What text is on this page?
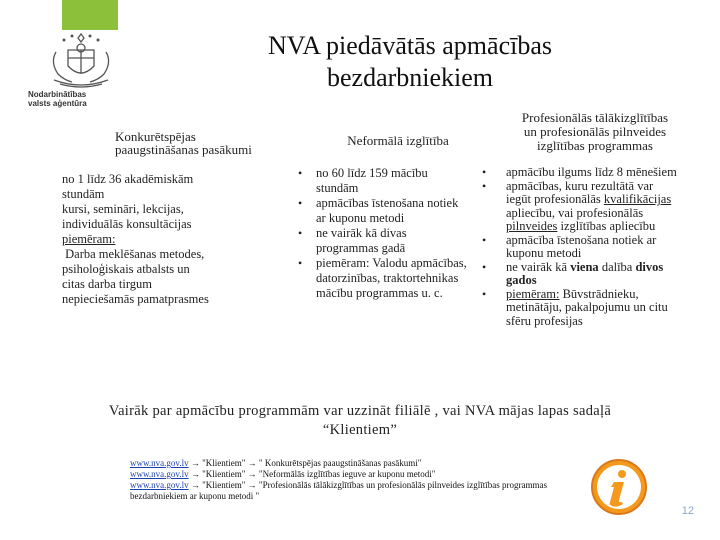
Nodarbinātības
valsts aģentūra
NVA piedāvātās apmācības
bezdarbniekiem
Konkurētspējas
paaugstināšanas pasākumi
Neformālā izglītība
Profesionālās tālākizglītības
un profesionālās pilnveides
izglītības programmas
no 1 līdz 36 akadēmiskām
stundām
kursi, semināri, lekcijas,
individuālās konsultācijas
piemēram:
Darba meklēšanas metodes,
psiholoģiskais atbalsts un
citas darba tirgum
nepieciešamās pamatprasmes
• no 60 līdz 159 mācību stundām
• apmācības īstenošana notiek ar kuponu metodi
• ne vairāk kā divas programmas gadā
• piemēram: Valodu apmācības, datorzinības, traktortehnikas mācību programmas u. c.
• apmācību ilgums līdz 8 mēnešiem
• apmācības, kuru rezultātā var iegūt profesionālās kvalifikācijas apliecību, vai profesionālās pilnveides izglītības apliecību
• apmācība īstenošana notiek ar kuponu metodi
• ne vairāk kā viena dalība divos gados
• piemēram: Būvstrādnieku, metinātāju, pakalpojumu un citu sfēru profesijas
Vairāk par apmācību programmām var uzzināt filiālē , vai NVA mājas lapas sadaļā
“Klientiem”
www.nva.gov.lv → "Klientiem" → " Konkurētspējas paaugstināšanas pasākumi"
www.nva.gov.lv → "Klientiem" → "Neformālās izglītības ieguve ar kuponu metodi"
www.nva.gov.lv → "Klientiem" → "Profesionālās tālākizglītības un profesionālās pilnveides izglītības programmas bezdarbniekiem ar kuponu metodi "
12
